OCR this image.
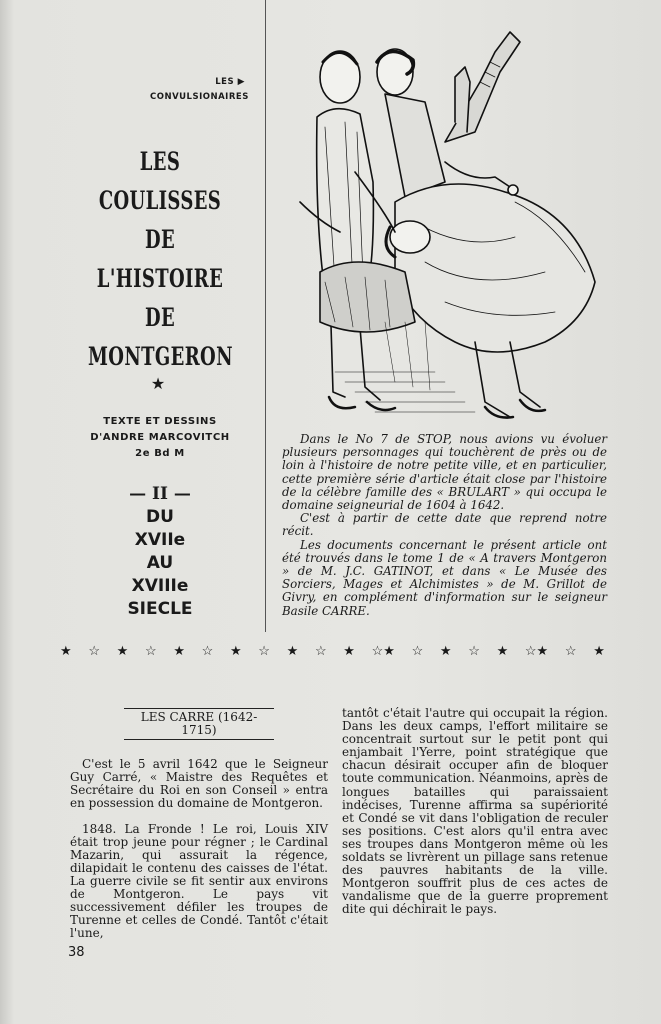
LES ▶
CONVULSIONAIRES
LES
COULISSES
DE
L'HISTOIRE
DE
MONTGERON
★
TEXTE ET DESSINS
D'ANDRE MARCOVITCH
2e Bd M
— II —
DU
XVIIe
AU
XVIIIe
SIECLE

Dans le No 7 de STOP, nous avions vu évoluer plusieurs personnages qui touchèrent de près ou de loin à l'histoire de notre petite ville, et en particulier, cette première série d'article était close par l'histoire de la célèbre famille des « BRULART » qui occupa le domaine seigneurial de 1604 à 1642.

C'est à partir de cette date que reprend notre récit.

Les documents concernant le présent article ont été trouvés dans le tome 1 de « A travers Montgeron » de M. J.C. GATINOT, et dans « Le Musée des Sorciers, Mages et Alchimistes » de M. Grillot de Givry, en complément d'information sur le seigneur Basile CARRE.

★ ☆ ★ ☆ ★ ☆ ★ ☆ ★ ☆ ★ ☆★ ☆ ★ ☆ ★ ☆★ ☆ ★
LES CARRE (1642-1715)

C'est le 5 avril 1642 que le Seigneur Guy Carré, « Maistre des Requêtes et Secrétaire du Roi en son Conseil » entra en possession du domaine de Montgeron.

1848. La Fronde ! Le roi, Louis XIV était trop jeune pour régner ; le Cardinal Mazarin, qui assurait la régence, dilapidait le contenu des caisses de l'état. La guerre civile se fit sentir aux environs de Montgeron. Le pays vit successivement défiler les troupes de Turenne et celles de Condé. Tantôt c'était l'une,

tantôt c'était l'autre qui occupait la région. Dans les deux camps, l'effort militaire se concentrait surtout sur le petit pont qui enjambait l'Yerre, point stratégique que chacun désirait occuper afin de bloquer toute communication. Néanmoins, après de longues batailles qui paraissaient indécises, Turenne affirma sa supériorité et Condé se vit dans l'obligation de reculer ses positions. C'est alors qu'il entra avec ses troupes dans Montgeron même où les soldats se livrèrent un pillage sans retenue des pauvres habitants de la ville. Montgeron souffrit plus de ces actes de vandalisme que de la guerre proprement dite qui déchirait le pays.

38
